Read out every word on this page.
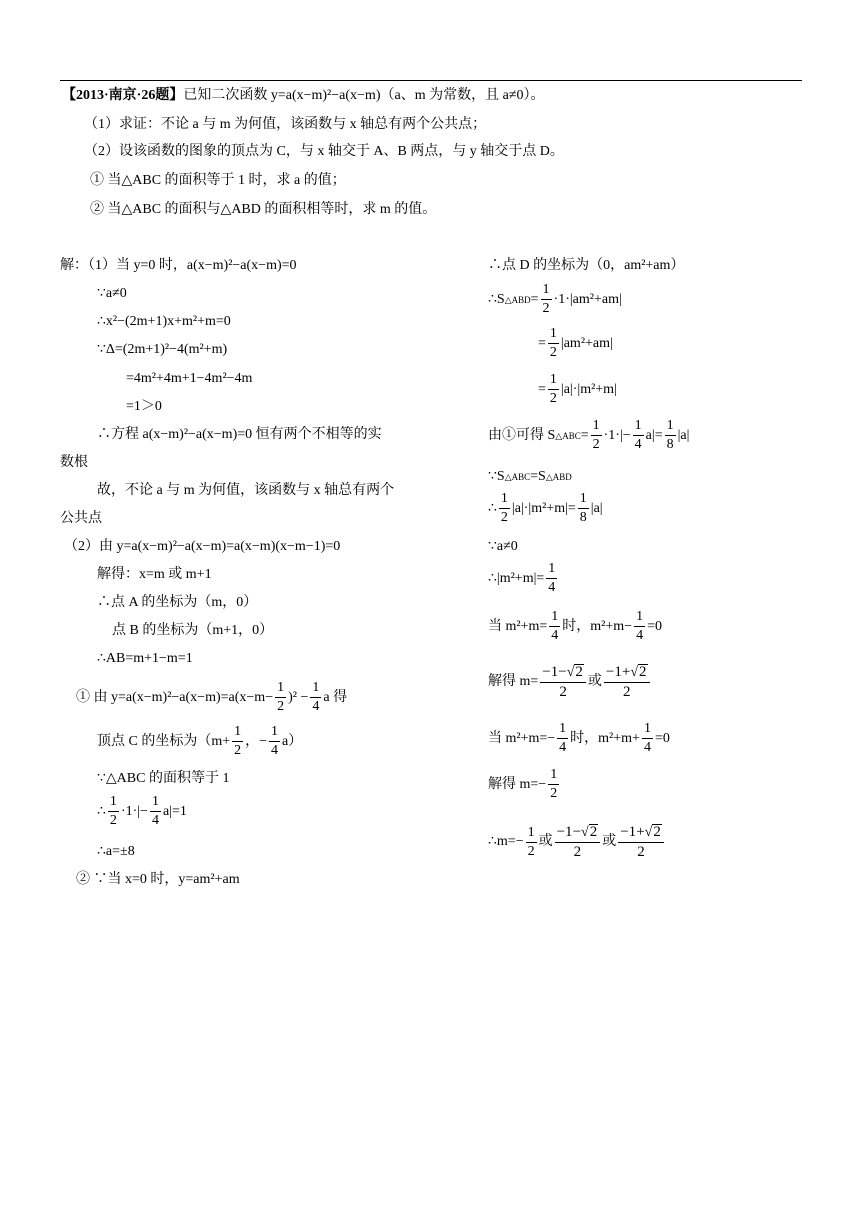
【2013·南京·26题】 已知二次函数 y=a(x−m)²−a(x−m)（a、m 为常数，且 a≠0）。
（1）求证：不论 a 与 m 为何值，该函数与 x 轴总有两个公共点；
（2）设该函数的图象的顶点为 C，与 x 轴交于 A、B 两点，与 y 轴交于点 D。
① 当△ABC 的面积等于 1 时，求 a 的值；
② 当△ABC 的面积与△ABD 的面积相等时，求 m 的值。
解：（1）当 y=0 时，a(x−m)²−a(x−m)=0
∵a≠0
∴x²−(2m+1)x+m²+m=0
∵Δ=(2m+1)²−4(m²+m)
=4m²+4m+1−4m²−4m
=1＞0
∴方程 a(x−m)²−a(x−m)=0 恒有两个不相等的实
数根
故，不论 a 与 m 为何值，该函数与 x 轴总有两个
公共点
（2）由 y=a(x−m)²−a(x−m)=a(x−m)(x−m−1)=0
解得：x=m 或 m+1
∴点 A 的坐标为（m，0）
点 B 的坐标为（m+1，0）
∴AB=m+1−m=1
① 由 $y=a(x-m)^2-a(x-m)=a(x-m- \frac{1}{2} )^2 - \frac{1}{4}$ a 得
顶点 C 的坐标为（$m+ \frac{1}{2}$ ，− $\frac{1}{4} a$）
∵△ABC 的面积等于 1
∴ $\frac{1}{2} \cdot 1\cdot|- \frac{1}{4} a|=1$
∴a=±8
② ∵当 x=0 时，y=am²+am
∴点 D 的坐标为（0，am²+am）
∴S △ABD = $\frac{1}{2} \cdot 1\cdot|am^2+am|$
= $\frac{1}{2} |am^2+am|$
= $\frac{1}{2} |a|\cdot|m^2+m|$
由①可得 S △ABC = $\frac{1}{2} \cdot 1\cdot|- \frac{1}{4} a|= \frac{1}{8} |a|$
∵S △ABC =S △ABD
∴ $\frac{1}{2} |a|\cdot|m^2+m|= \frac{1}{8} |a|$
∵a≠0
∴|m²+m|= $\frac{1}{4}$
当 $m^2+m= \frac{1}{4}$ 时，$m^2+m- \frac{1}{4} =0$
解得 $m= \frac{-1- √ 2}{2}$ 或 $\frac{-1+ √ 2}{2}$
当 $m^2+m=- \frac{1}{4}$ 时，$m^2+m+ \frac{1}{4} =0$
解得 $m=- \frac{1}{2}$
∴m=− $\frac{1}{2}$ 或 $\frac{-1- √ 2}{2}$ 或 $\frac{-1+ √ 2}{2}$
